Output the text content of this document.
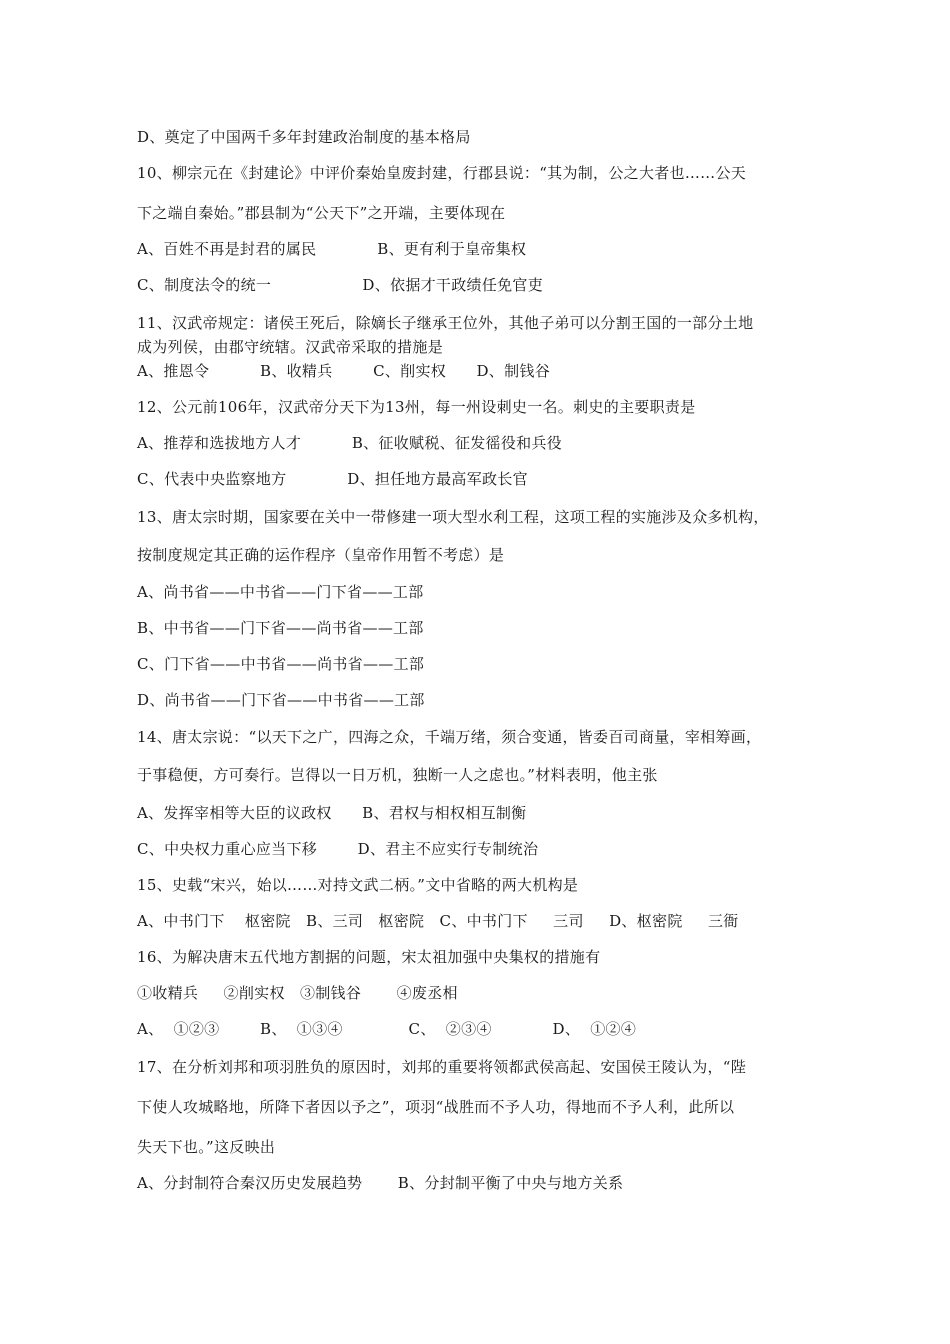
D、奠定了中国两千多年封建政治制度的基本格局
10、柳宗元在《封建论》中评价秦始皇废封建，行郡县说：“其为制，公之大者也……公天
下之端自秦始。”郡县制为“公天下”之开端，主要体现在
A、百姓不再是封君的属民            B、更有利于皇帝集权
C、制度法令的统一                  D、依据才干政绩任免官吏
11、汉武帝规定：诸侯王死后，除嫡长子继承王位外，其他子弟可以分割王国的一部分土地
成为列侯，由郡守统辖。汉武帝采取的措施是
A、推恩令          B、收精兵        C、削实权      D、制钱谷
12、公元前106年，汉武帝分天下为13州，每一州设刺史一名。刺史的主要职责是
A、推荐和选拔地方人才          B、征收赋税、征发徭役和兵役
C、代表中央监察地方            D、担任地方最高军政长官
13、唐太宗时期，国家要在关中一带修建一项大型水利工程，这项工程的实施涉及众多机构，
按制度规定其正确的运作程序（皇帝作用暂不考虑）是
A、尚书省——中书省——门下省——工部
B、中书省——门下省——尚书省——工部
C、门下省——中书省——尚书省——工部
D、尚书省——门下省——中书省——工部
14、唐太宗说：“以天下之广，四海之众，千端万绪，须合变通，皆委百司商量，宰相筹画，
于事稳便，方可奏行。岂得以一日万机，独断一人之虑也。”材料表明，他主张
A、发挥宰相等大臣的议政权      B、君权与相权相互制衡
C、中央权力重心应当下移        D、君主不应实行专制统治
15、史载“宋兴，始以……对持文武二柄。”文中省略的两大机构是
A、中书门下    枢密院   B、三司   枢密院   C、中书门下     三司     D、枢密院     三衙
16、为解决唐末五代地方割据的问题，宋太祖加强中央集权的措施有
①收精兵     ②削实权   ③制钱谷       ④废丞相
A、  ①②③        B、  ①③④             C、  ②③④            D、  ①②④
17、在分析刘邦和项羽胜负的原因时，刘邦的重要将领都武侯高起、安国侯王陵认为，“陛
下使人攻城略地，所降下者因以予之”，项羽“战胜而不予人功，得地而不予人利，此所以
失天下也。”这反映出
A、分封制符合秦汉历史发展趋势       B、分封制平衡了中央与地方关系
